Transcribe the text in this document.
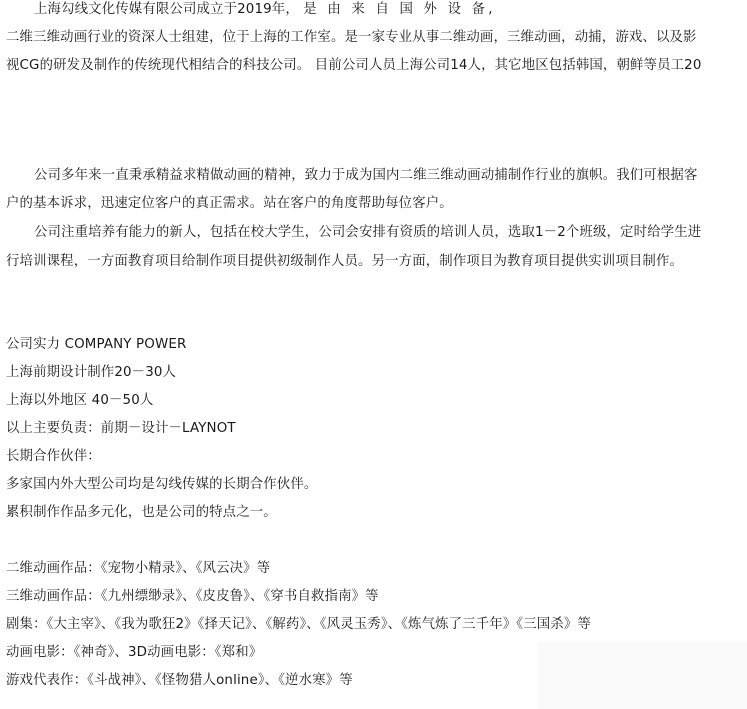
上海勾线文化传媒有限公司成立于2019年， 是 由 来 自 国 外 设 备,
二维三维动画行业的资深人士组建，位于上海的工作室。是一家专业从事二维动画，三维动画，动捕，游戏、以及影
视CG的研发及制作的传统现代相结合的科技公司。 目前公司人员上海公司14人，其它地区包括韩国，朝鲜等员工20
公司多年来一直秉承精益求精做动画的精神，致力于成为国内二维三维动画动捕制作行业的旗帜。我们可根据客
户的基本诉求，迅速定位客户的真正需求。站在客户的角度帮助每位客户。
公司注重培养有能力的新人，包括在校大学生，公司会安排有资质的培训人员，选取1－2个班级，定时给学生进
行培训课程，一方面教育项目给制作项目提供初级制作人员。另一方面，制作项目为教育项目提供实训项目制作。
公司实力 COMPANY POWER
上海前期设计制作20－30人
上海以外地区 40－50人
以上主要负责：前期－设计－LAYNOT
长期合作伙伴：
多家国内外大型公司均是勾线传媒的长期合作伙伴。
累积制作作品多元化，也是公司的特点之一。
二维动画作品：《宠物小精录》、《风云决》等
三维动画作品：《九州缥缈录》、《皮皮鲁》、《穿书自救指南》等
剧集：《大主宰》、《我为歌狂2》《择天记》、《解药》、《风灵玉秀》、《炼气炼了三千年》《三国杀》等
动画电影：《神奇》、3D动画电影：《郑和》
游戏代表作：《斗战神》、《怪物猎人online》、《逆水寒》等
